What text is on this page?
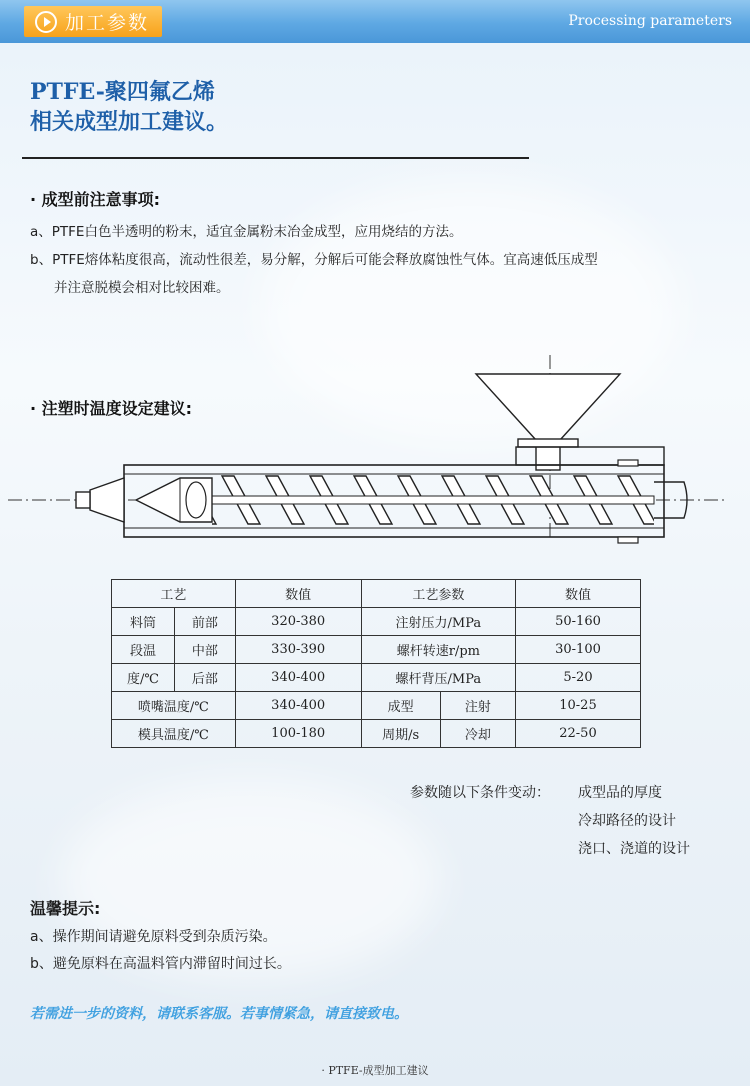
加工参数	Processing parameters
PTFE-聚四氟乙烯
相关成型加工建议。
· 成型前注意事项:
a、PTFE白色半透明的粉末，适宜金属粉末冶金成型，应用烧结的方法。
b、PTFE熔体粘度很高，流动性很差，易分解，分解后可能会释放腐蚀性气体。宜高速低压成型
并注意脱模会相对比较困难。
· 注塑时温度设定建议:
工艺		数值	工艺参数		数值
料筒	前部	320-380	注射压力/MPa		50-160
段温	中部	330-390	螺杆转速r/pm		30-100
度/℃	后部	340-400	螺杆背压/MPa		5-20
喷嘴温度/℃		340-400	成型	注射	10-25
模具温度/℃		100-180	周期/s	冷却	22-50
参数随以下条件变动： 成型品的厚度
冷却路径的设计
浇口、浇道的设计
温馨提示:
a、操作期间请避免原料受到杂质污染。
b、避免原料在高温料管内滞留时间过长。
若需进一步的资料，请联系客服。若事情紧急，请直接致电。
· PTFE-成型加工建议
